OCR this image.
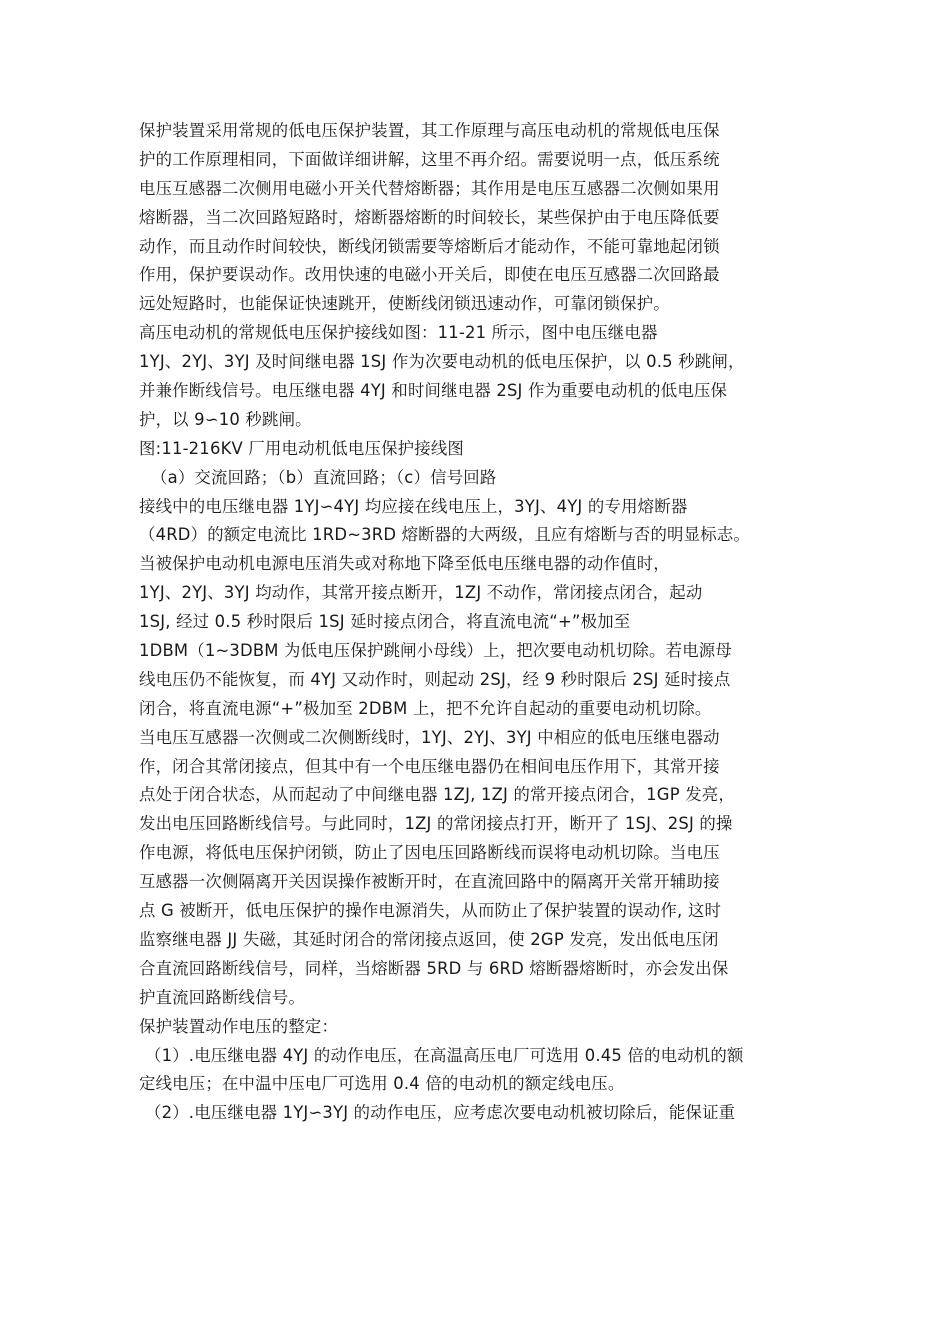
保护装置采用常规的低电压保护装置，其工作原理与高压电动机的常规低电压保
护的工作原理相同，下面做详细讲解，这里不再介绍。需要说明一点，低压系统
电压互感器二次侧用电磁小开关代替熔断器；其作用是电压互感器二次侧如果用
熔断器，当二次回路短路时，熔断器熔断的时间较长，某些保护由于电压降低要
动作，而且动作时间较快，断线闭锁需要等熔断后才能动作，不能可靠地起闭锁
作用，保护要误动作。改用快速的电磁小开关后，即使在电压互感器二次回路最
远处短路时，也能保证快速跳开，使断线闭锁迅速动作，可靠闭锁保护。
高压电动机的常规低电压保护接线如图：11-21 所示，图中电压继电器
1YJ、2YJ、3YJ 及时间继电器 1SJ 作为次要电动机的低电压保护，以 0.5 秒跳闸，
并兼作断线信号。电压继电器 4YJ 和时间继电器 2SJ 作为重要电动机的低电压保
护，以 9∽10 秒跳闸。
图:11-216KV 厂用电动机低电压保护接线图
（a）交流回路；（b）直流回路；（c）信号回路
接线中的电压继电器 1YJ∽4YJ 均应接在线电压上，3YJ、4YJ 的专用熔断器
（4RD）的额定电流比 1RD~3RD 熔断器的大两级，且应有熔断与否的明显标志。
当被保护电动机电源电压消失或对称地下降至低电压继电器的动作值时，
1YJ、2YJ、3YJ 均动作，其常开接点断开，1ZJ 不动作，常闭接点闭合，起动
1SJ, 经过 0.5 秒时限后 1SJ 延时接点闭合，将直流电流“+”极加至
1DBM（1~3DBM 为低电压保护跳闸小母线）上，把次要电动机切除。若电源母
线电压仍不能恢复，而 4YJ 又动作时，则起动 2SJ，经 9 秒时限后 2SJ 延时接点
闭合，将直流电源“+”极加至 2DBM 上，把不允许自起动的重要电动机切除。
当电压互感器一次侧或二次侧断线时，1YJ、2YJ、3YJ 中相应的低电压继电器动
作，闭合其常闭接点，但其中有一个电压继电器仍在相间电压作用下，其常开接
点处于闭合状态，从而起动了中间继电器 1ZJ, 1ZJ 的常开接点闭合，1GP 发亮，
发出电压回路断线信号。与此同时，1ZJ 的常闭接点打开，断开了 1SJ、2SJ 的操
作电源，将低电压保护闭锁，防止了因电压回路断线而误将电动机切除。当电压
互感器一次侧隔离开关因误操作被断开时，在直流回路中的隔离开关常开辅助接
点 G 被断开，低电压保护的操作电源消失，从而防止了保护装置的误动作, 这时
监察继电器 JJ 失磁，其延时闭合的常闭接点返回，使 2GP 发亮，发出低电压闭
合直流回路断线信号，同样，当熔断器 5RD 与 6RD 熔断器熔断时，亦会发出保
护直流回路断线信号。
保护装置动作电压的整定：
（1）.电压继电器 4YJ 的动作电压，在高温高压电厂可选用 0.45 倍的电动机的额
定线电压；在中温中压电厂可选用 0.4 倍的电动机的额定线电压。
（2）.电压继电器 1YJ∽3YJ 的动作电压，应考虑次要电动机被切除后，能保证重
